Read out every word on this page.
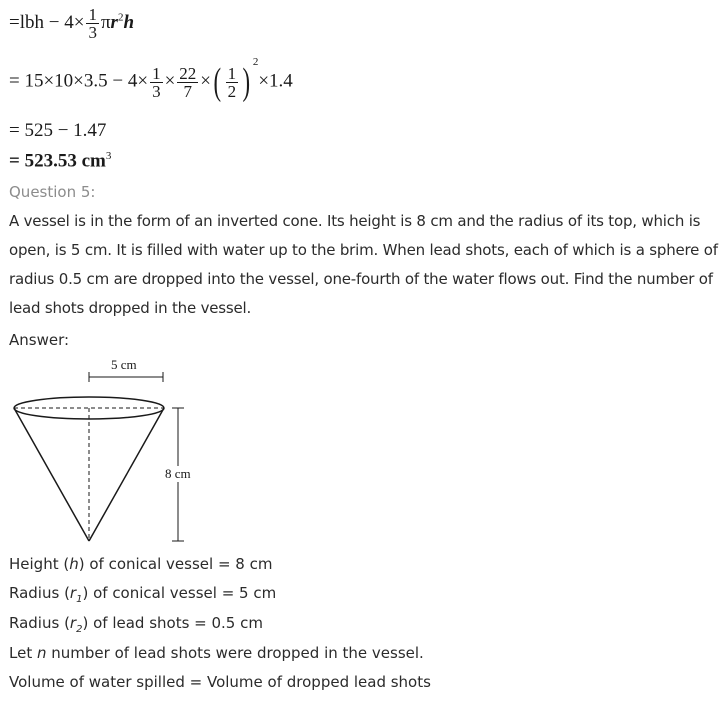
$=lbh - 4\times \frac{1}{3} \pi r^2h$
= $15\times 10\times 3.5 - 4\times \frac{1}{3} \times \frac{22}{7}$ ×( $\frac{1}{2}$ ) $^2$×1.4
= 525 − 1.47
= 523.53 $cm^3$
Question 5:
A vessel is in the form of an inverted cone. Its height is 8 cm and the radius of its top, which is open, is 5 cm. It is filled with water up to the brim. When lead shots, each of which is a sphere of radius 0.5 cm are dropped into the vessel, one-fourth of the water flows out. Find the number of lead shots dropped in the vessel.
Answer:
5 cm
8 cm
Height (h) of conical vessel = 8 cm
Radius $(r_1)$ of conical vessel = 5 cm
Radius $(r_2)$ of lead shots = 0.5 cm
Let n number of lead shots were dropped in the vessel.
Volume of water spilled = Volume of dropped lead shots
